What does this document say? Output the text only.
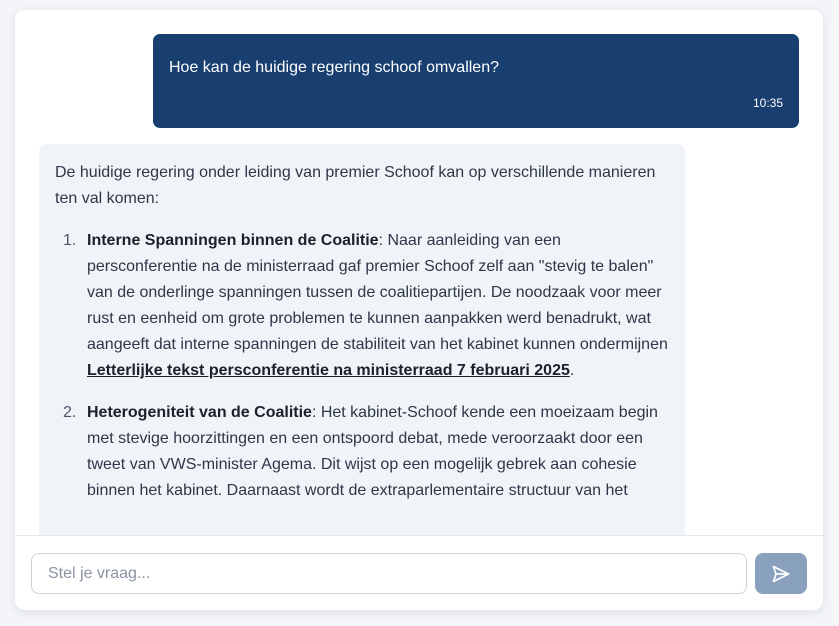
Hoe kan de huidige regering schoof omvallen?
10:35

De huidige regering onder leiding van premier Schoof kan op verschillende manieren ten val komen:

1. Interne Spanningen binnen de Coalitie: Naar aanleiding van een persconferentie na de ministerraad gaf premier Schoof zelf aan "stevig te balen" van de onderlinge spanningen tussen de coalitiepartijen. De noodzaak voor meer rust en eenheid om grote problemen te kunnen aanpakken werd benadrukt, wat aangeeft dat interne spanningen de stabiliteit van het kabinet kunnen ondermijnen Letterlijke tekst persconferentie na ministerraad 7 februari 2025.
2. Heterogeniteit van de Coalitie: Het kabinet-Schoof kende een moeizaam begin met stevige hoorzittingen en een ontspoord debat, mede veroorzaakt door een tweet van VWS-minister Agema. Dit wijst op een mogelijk gebrek aan cohesie binnen het kabinet. Daarnaast wordt de extraparlementaire structuur van het
Stel je vraag...
